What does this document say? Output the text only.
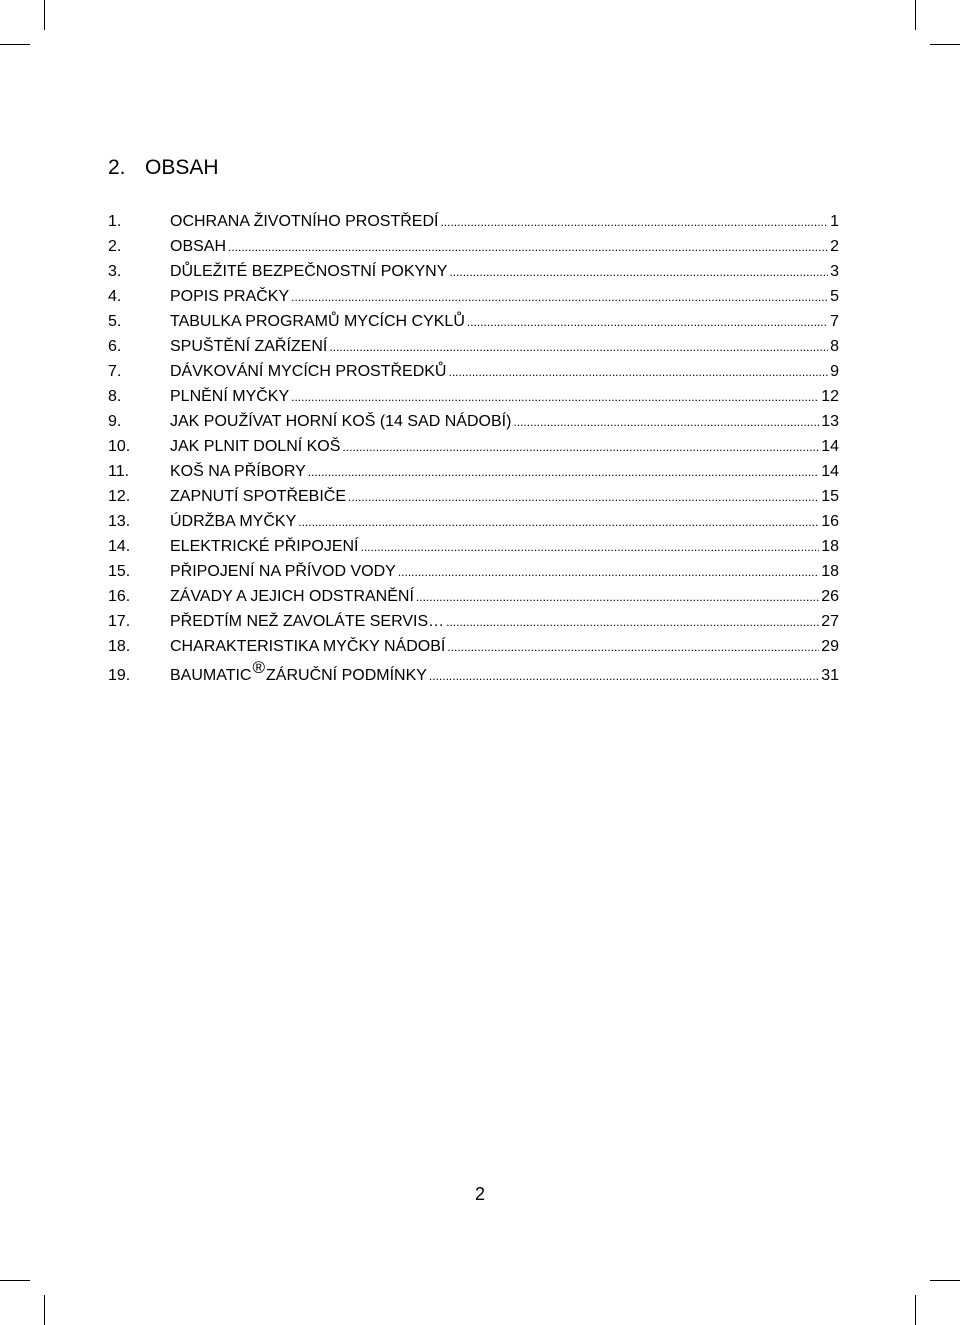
2. OBSAH
1.	OCHRANA ŽIVOTNÍHO PROSTŘEDÍ .....	1
2.	OBSAH .....	2
3.	DŮLEŽITÉ BEZPEČNOSTNÍ POKYNY .....	3
4.	POPIS PRAČKY .....	5
5.	TABULKA PROGRAMŮ MYCÍCH CYKLŮ .....	7
6.	SPUŠTĚNÍ ZAŘÍZENÍ .....	8
7.	DÁVKOVÁNÍ MYCÍCH PROSTŘEDKŮ .....	9
8.	PLNĚNÍ MYČKY .....	12
9.	JAK POUŽÍVAT HORNÍ KOŠ (14 SAD NÁDOBÍ) .....	13
10.	JAK PLNIT DOLNÍ KOŠ .....	14
11.	KOŠ NA PŘÍBORY .....	14
12.	ZAPNUTÍ SPOTŘEBIČE .....	15
13.	ÚDRŽBA MYČKY .....	16
14.	ELEKTRICKÉ PŘIPOJENÍ .....	18
15.	PŘIPOJENÍ NA PŘÍVOD VODY .....	18
16.	ZÁVADY A JEJICH ODSTRANĚNÍ .....	26
17.	PŘEDTÍM NEŽ ZAVOLÁTE SERVIS… .....	27
18.	CHARAKTERISTIKA MYČKY NÁDOBÍ .....	29
19.	BAUMATIC®ZÁRUČNÍ PODMÍNKY .....	31
2
